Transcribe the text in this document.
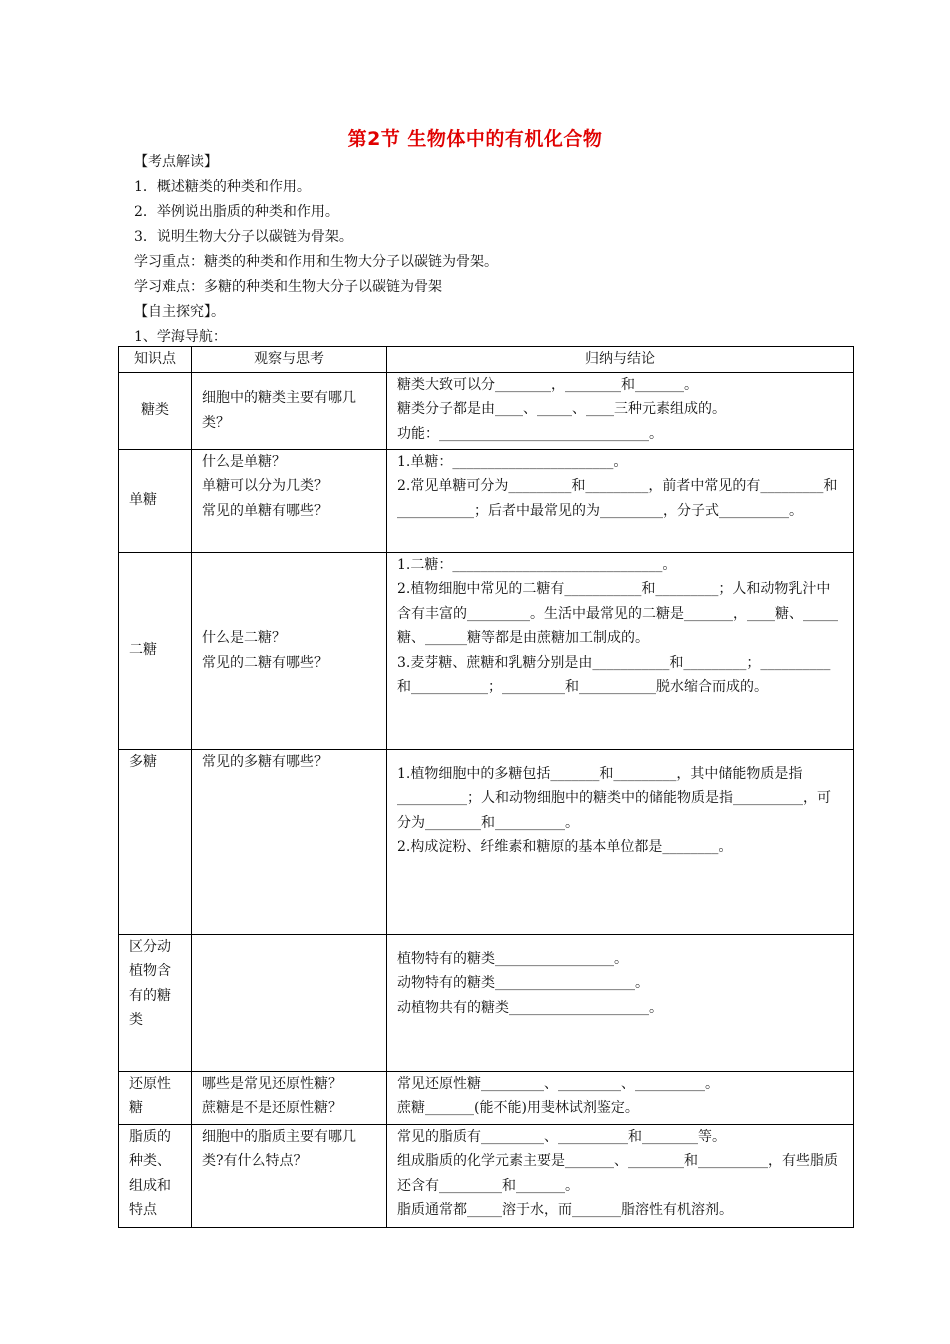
第2节 生物体中的有机化合物
【考点解读】
1．概述糖类的种类和作用。
2．举例说出脂质的种类和作用。
3．说明生物大分子以碳链为骨架。
学习重点：糖类的种类和作用和生物大分子以碳链为骨架。
学习难点：多糖的种类和生物大分子以碳链为骨架
【自主探究】。
1、学海导航：
知识点	观察与思考	归纳与结论
糖类	细胞中的糖类主要有哪几类？	糖类大致可以分________，________和_______。
糖类分子都是由____、_____、____三种元素组成的。
功能：______________________________。

单糖	什么是单糖？
单糖可以分为几类？
常见的单糖有哪些？	1.单糖：_______________________。
2.常见单糖可分为_________和_________，前者中常见的有_________和___________；后者中最常见的为_________，分子式__________。

二糖	什么是二糖？
常见的二糖有哪些？	1.二糖：______________________________。
2.植物细胞中常见的二糖有___________和_________；人和动物乳汁中含有丰富的_________。生活中最常见的二糖是_______，____糖、_____糖、______糖等都是由蔗糖加工制成的。
3.麦芽糖、蔗糖和乳糖分别是由___________和_________；__________和___________；_________和___________脱水缩合而成的。

多糖	常见的多糖有哪些？	1.植物细胞中的多糖包括_______和_________，其中储能物质是指__________；人和动物细胞中的糖类中的储能物质是指__________，可分为________和__________。
2.构成淀粉、纤维素和糖原的基本单位都是________。

区分动植物含有的糖类		植物特有的糖类_________________。
动物特有的糖类____________________。
动植物共有的糖类____________________。

还原性糖	哪些是常见还原性糖？
蔗糖是不是还原性糖？	常见还原性糖_________、_________、__________。
蔗糖_______(能不能)用斐林试剂鉴定。

脂质的种类、组成和特点	细胞中的脂质主要有哪几类?有什么特点？	常见的脂质有_________、__________和________等。
组成脂质的化学元素主要是_______、________和__________，有些脂质还含有_________和_______。
脂质通常都_____溶于水，而_______脂溶性有机溶剂。
